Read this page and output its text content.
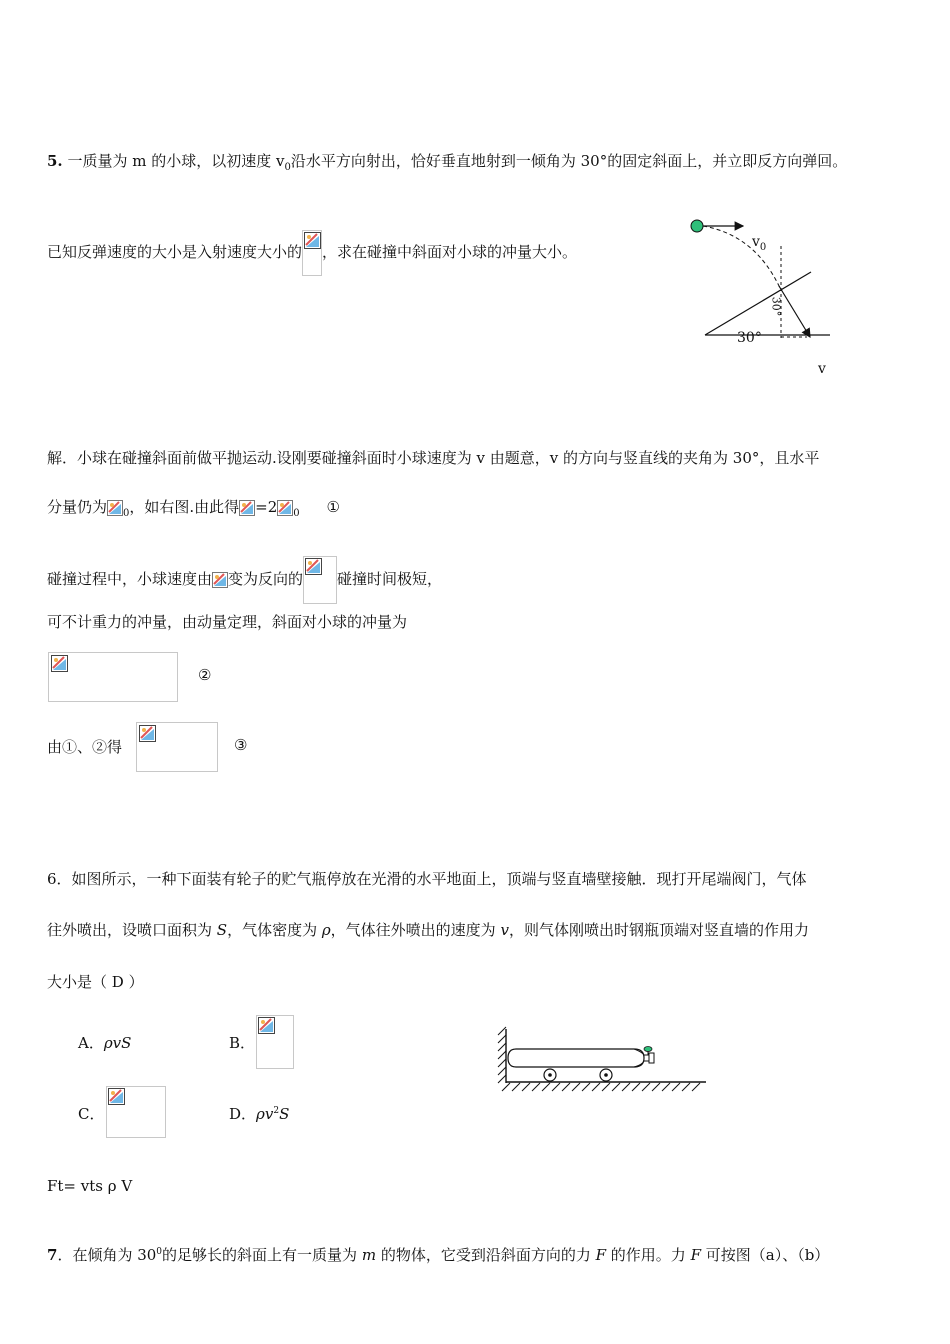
5. 一质量为 m 的小球，以初速度 $v_0$沿水平方向射出，恰好垂直地射到一倾角为 30°的固定斜面上，并立即反方向弹回。
已知反弹速度的大小是入射速度大小的 ，求在碰撞中斜面对小球的冲量大小。
$v_0$
30°
30°
v
解．小球在碰撞斜面前做平抛运动.设刚要碰撞斜面时小球速度为 v 由题意，v 的方向与竖直线的夹角为 30°，且水平
分量仍为 $_0$，如右图.由此得 =2 $_0$ ①
碰撞过程中，小球速度由 变为反向的 碰撞时间极短，
可不计重力的冲量，由动量定理，斜面对小球的冲量为
②
由①、②得	③
6．如图所示，一种下面装有轮子的贮气瓶停放在光滑的水平地面上，顶端与竖直墙壁接触．现打开尾端阀门，气体
往外喷出，设喷口面积为 S，气体密度为 ρ，气体往外喷出的速度为 v，则气体刚喷出时钢瓶顶端对竖直墙的作用力
大小是（ D ）
A．ρvS	B．
C．	D．$\rho v^2S$
Ft= vts ρ V
7．在倾角为 $30^0$的足够长的斜面上有一质量为 m 的物体，它受到沿斜面方向的力 F 的作用。力 F 可按图（a）、（b）
